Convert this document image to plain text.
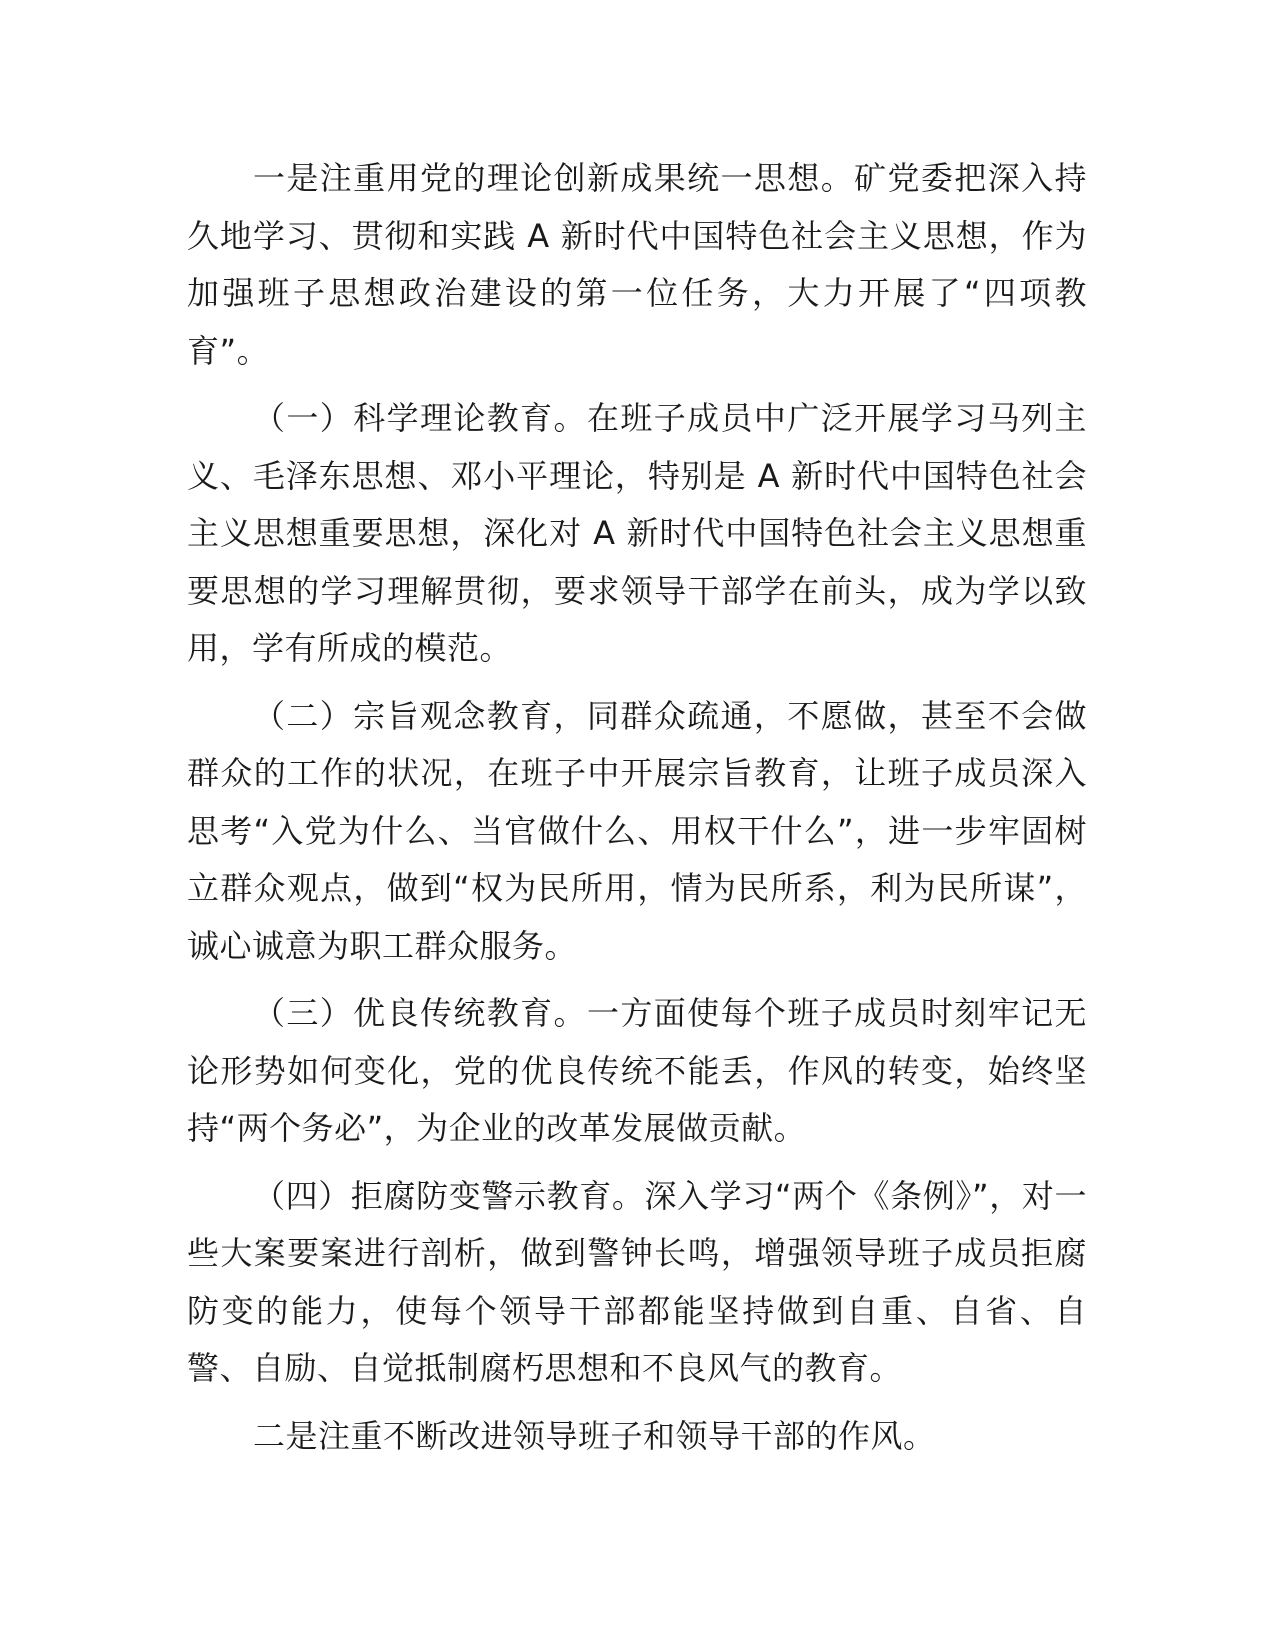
一是注重用党的理论创新成果统一思想。矿党委把深入持久地学习、贯彻和实践 A 新时代中国特色社会主义思想，作为加强班子思想政治建设的第一位任务，大力开展了“四项教育”。

（一）科学理论教育。在班子成员中广泛开展学习马列主义、毛泽东思想、邓小平理论，特别是 A 新时代中国特色社会主义思想重要思想，深化对 A 新时代中国特色社会主义思想重要思想的学习理解贯彻，要求领导干部学在前头，成为学以致用，学有所成的模范。

（二）宗旨观念教育，同群众疏通，不愿做，甚至不会做群众的工作的状况，在班子中开展宗旨教育，让班子成员深入思考“入党为什么、当官做什么、用权干什么”，进一步牢固树立群众观点，做到“权为民所用，情为民所系，利为民所谋”，诚心诚意为职工群众服务。

（三）优良传统教育。一方面使每个班子成员时刻牢记无论形势如何变化，党的优良传统不能丢，作风的转变，始终坚持“两个务必”，为企业的改革发展做贡献。

（四）拒腐防变警示教育。深入学习“两个《条例》”，对一些大案要案进行剖析，做到警钟长鸣，增强领导班子成员拒腐防变的能力，使每个领导干部都能坚持做到自重、自省、自警、自励、自觉抵制腐朽思想和不良风气的教育。

二是注重不断改进领导班子和领导干部的作风。
